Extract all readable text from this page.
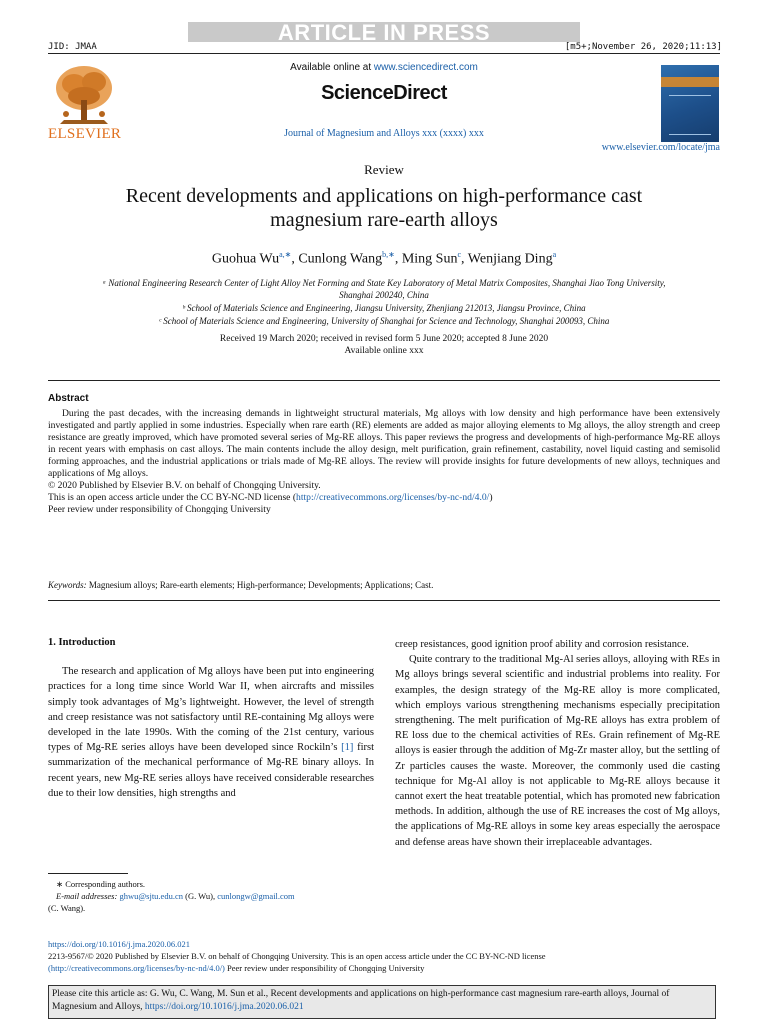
ARTICLE IN PRESS
JID: JMAA	[m5+;November 26, 2020;11:13]
ELSEVIER
Available online at www.sciencedirect.com
ScienceDirect
Journal of Magnesium and Alloys xxx (xxxx) xxx
www.elsevier.com/locate/jma
Review
Recent developments and applications on high-performance cast
magnesium rare-earth alloys
Guohua $Wu^{a,∗}$, Cunlong Wang$^{b,∗}$, Ming Sun$^c$, Wenjiang Ding$^a$
ᵃ National Engineering Research Center of Light Alloy Net Forming and State Key Laboratory of Metal Matrix Composites, Shanghai Jiao Tong University,
Shanghai 200240, China
ᵇ School of Materials Science and Engineering, Jiangsu University, Zhenjiang 212013, Jiangsu Province, China
ᶜ School of Materials Science and Engineering, University of Shanghai for Science and Technology, Shanghai 200093, China
Received 19 March 2020; received in revised form 5 June 2020; accepted 8 June 2020
Available online xxx
Abstract

During the past decades, with the increasing demands in lightweight structural materials, Mg alloys with low density and high performance have been extensively investigated and partly applied in some industries. Especially when rare earth (RE) elements are added as major alloying elements to Mg alloys, the alloy strength and creep resistance are greatly improved, which have promoted several series of Mg-RE alloys. This paper reviews the progress and developments of high-performance Mg-RE alloys in recent years with emphasis on cast alloys. The main contents include the alloy design, melt purification, grain refinement, castability, novel liquid casting and semisolid forming approaches, and the industrial applications or trials made of Mg-RE alloys. The review will provide insights for future developments of new alloys, techniques and applications of Mg alloys.

© 2020 Published by Elsevier B.V. on behalf of Chongqing University.

This is an open access article under the CC BY-NC-ND license (http://creativecommons.org/licenses/by-nc-nd/4.0/)

Peer review under responsibility of Chongqing University

Keywords: Magnesium alloys; Rare-earth elements; High-performance; Developments; Applications; Cast.
1. Introduction

The research and application of Mg alloys have been put into engineering practices for a long time since World War II, when aircrafts and missiles simply took advantages of Mg’s lightweight. However, the level of strength and creep resistance was not satisfactory until RE-containing Mg alloys were developed in the late 1990s. With the coming of the 21st century, various types of Mg-RE series alloys have been developed since Rockiln’s [1] first summarization of the mechanical performance of Mg-RE binary alloys. In recent years, new Mg-RE series alloys have received considerable researches due to their low densities, high strengths and

∗ Corresponding authors.
E-mail addresses: ghwu@sjtu.edu.cn (G. Wu), cunlongw@gmail.com
(C. Wang).
creep resistances, good ignition proof ability and corrosion resistance.

Quite contrary to the traditional Mg-Al series alloys, alloying with REs in Mg alloys brings several scientific and industrial problems into reality. For examples, the design strategy of the Mg-RE alloy is more complicated, which employs various strengthening mechanisms especially precipitation strengthening. The melt purification of Mg-RE alloys has extra problem of RE loss due to the chemical activities of REs. Grain refinement of Mg-RE alloys is easier through the addition of Mg-Zr master alloy, but the settling of Zr particles causes the waste. Moreover, the commonly used die casting technique for Mg-Al alloy is not applicable to Mg-RE alloys because it cannot exert the heat treatable potential, which has promoted new fabrication methods. In addition, although the use of RE increases the cost of Mg alloys, the applications of Mg-RE alloys in some key areas especially the aerospace and defense areas have shown their irreplaceable advantages.

https://doi.org/10.1016/j.jma.2020.06.021
2213-9567/© 2020 Published by Elsevier B.V. on behalf of Chongqing University. This is an open access article under the CC BY-NC-ND license
(http://creativecommons.org/licenses/by-nc-nd/4.0/) Peer review under responsibility of Chongqing University
Please cite this article as: G. Wu, C. Wang, M. Sun et al., Recent developments and applications on high-performance cast magnesium rare-earth alloys, Journal of Magnesium and Alloys, https://doi.org/10.1016/j.jma.2020.06.021
